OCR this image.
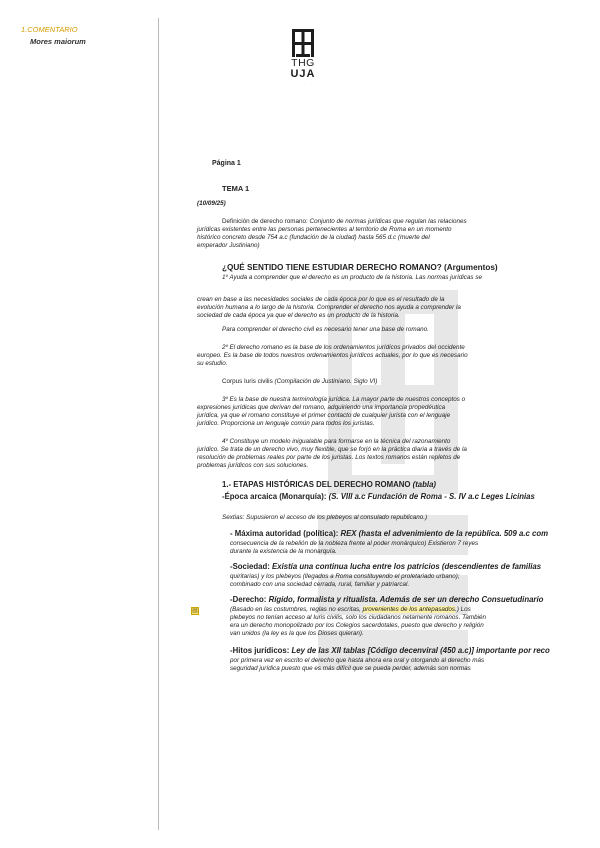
1.COMENTARIO
Mores maiorum
▤
THG
UJA
· · · · · ·
Página 1
TEMA 1
(10/09/25)
Definición de derecho romano: Conjunto de normas jurídicas que regulan las relaciones
jurídicas existentes entre las personas pertenecientes al territorio de Roma en un momento
histórico concreto desde 754 a.c (fundación de la ciudad) hasta 565 d.c (muerte del
emperador Justiniano)
¿QUÉ SENTIDO TIENE ESTUDIAR DERECHO ROMANO? (Argumentos)
1º Ayuda a comprender que el derecho es un producto de la historia. Las normas jurídicas se
crean en base a las necesidades sociales de cada época por lo que es el resultado de la
evolución humana a lo largo de la historia. Comprender el derecho nos ayuda a comprender la
sociedad de cada época ya que el derecho es un producto de la historia.
Para comprender el derecho civil es necesario tener una base de romano.
2º El derecho romano es la base de los ordenamientos jurídicos privados del occidente
europeo. Es la base de todos nuestros ordenamientos jurídicos actuales, por lo que es necesario
su estudio.
Corpus Iuris civilis (Compilación de Justiniano. Siglo VI)
3º Es la base de nuestra terminología jurídica. La mayor parte de nuestros conceptos o
expresiones jurídicas que derivan del romano, adquiriendo una importancia propedéutica
jurídica, ya que el romano constituye el primer contacto de cualquier jurista con el lenguaje
jurídico. Proporciona un lenguaje común para todos los juristas.
4º Constituye un modelo inigualable para formarse en la técnica del razonamiento
jurídico. Se trata de un derecho vivo, muy flexible, que se forjó en la práctica diaria a través de la
resolución de problemas reales por parte de los juristas. Los textos romanos están repletos de
problemas jurídicos con sus soluciones.
1.- ETAPAS HISTÓRICAS DEL DERECHO ROMANO (tabla)
-Época arcaica (Monarquía): (S. VIII a.c Fundación de Roma - S. IV a.c Leges Licinias
Sextias: Supusieron el acceso de los plebeyos al consulado republicano.)
- Máxima autoridad (política): REX (hasta el advenimiento de la república. 509 a.c com
consecuencia de la rebelión de la nobleza frente al poder monárquico) Existieron 7 reyes
durante la existencia de la monarquía.
-Sociedad: Existía una continua lucha entre los patricios (descendientes de familias
quiritarias) y los plebeyos (llegados a Roma constituyendo el proletariado urbano);
combinado con una sociedad cerrada, rural, familiar y patriarcal.
-Derecho: Rígido, formalista y ritualista. Además de ser un derecho Consuetudinario
(Basado en las costumbres, reglas no escritas, provenientes de los antepasados.) Los
plebeyos no tenían acceso al Iuris civilis, solo los ciudadanos netamente romanos. También
era un derecho monopolizado por los Colegios sacerdotales, puesto que derecho y religión
van unidos (la ley es la que los Dioses quieran).
-Hitos jurídicos: Ley de las XII tablas [Código decenviral (450 a.c)] importante por reco
por primera vez en escrito el derecho que hasta ahora era oral y otorgando al derecho más
seguridad jurídica puesto que es más difícil que se pueda perder, además son normas
